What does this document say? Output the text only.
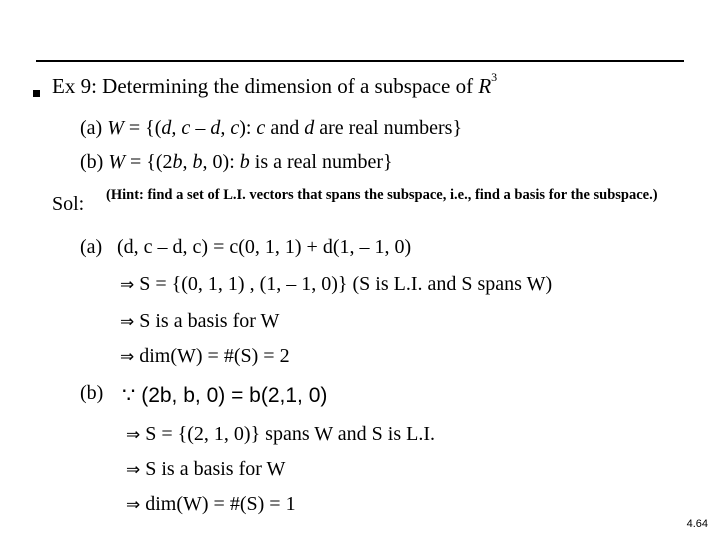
Ex 9: Determining the dimension of a subspace of $R^3$
(a) W = {(d, c – d, c): c and d are real numbers}
(b) W = {(2b, b, 0): b is a real number}
Sol: (Hint: find a set of L.I. vectors that spans the subspace, i.e., find a basis for the subspace.)
(a) (d, c – d, c) = c(0, 1, 1) + d(1, – 1, 0)
⇒ S = {(0, 1, 1) , (1, – 1, 0)} (S is L.I. and S spans W)
⇒ S is a basis for W
⇒ dim(W) = #(S) = 2
(b) ∵ (2b, b, 0) = b(2,1, 0)
⇒ S = {(2, 1, 0)} spans W and S is L.I.
⇒ S is a basis for W
⇒ dim(W) = #(S) = 1
4.64
